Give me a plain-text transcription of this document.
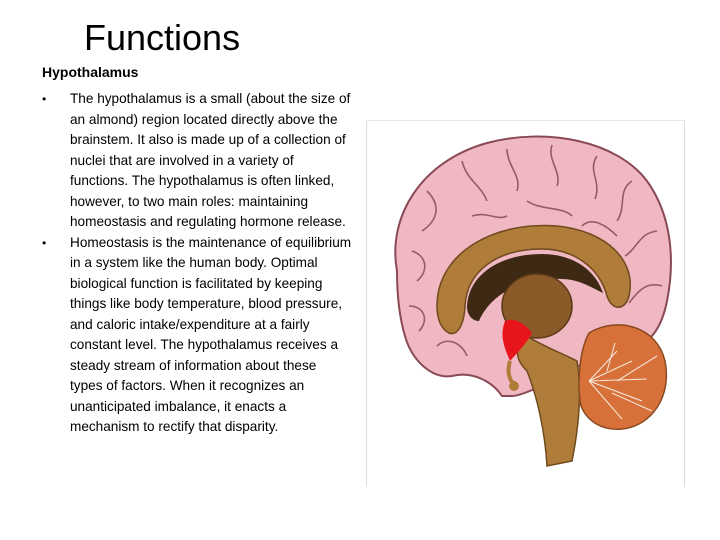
Functions
Hypothalamus
• The hypothalamus is a small (about the size of an almond) region located directly above the brainstem. It also is made up of a collection of nuclei that are involved in a variety of functions. The hypothalamus is often linked, however, to two main roles: maintaining homeostasis and regulating hormone release.
• Homeostasis is the maintenance of equilibrium in a system like the human body. Optimal biological function is facilitated by keeping things like body temperature, blood pressure, and caloric intake/expenditure at a fairly constant level. The hypothalamus receives a steady stream of information about these types of factors. When it recognizes an unanticipated imbalance, it enacts a mechanism to rectify that disparity.
